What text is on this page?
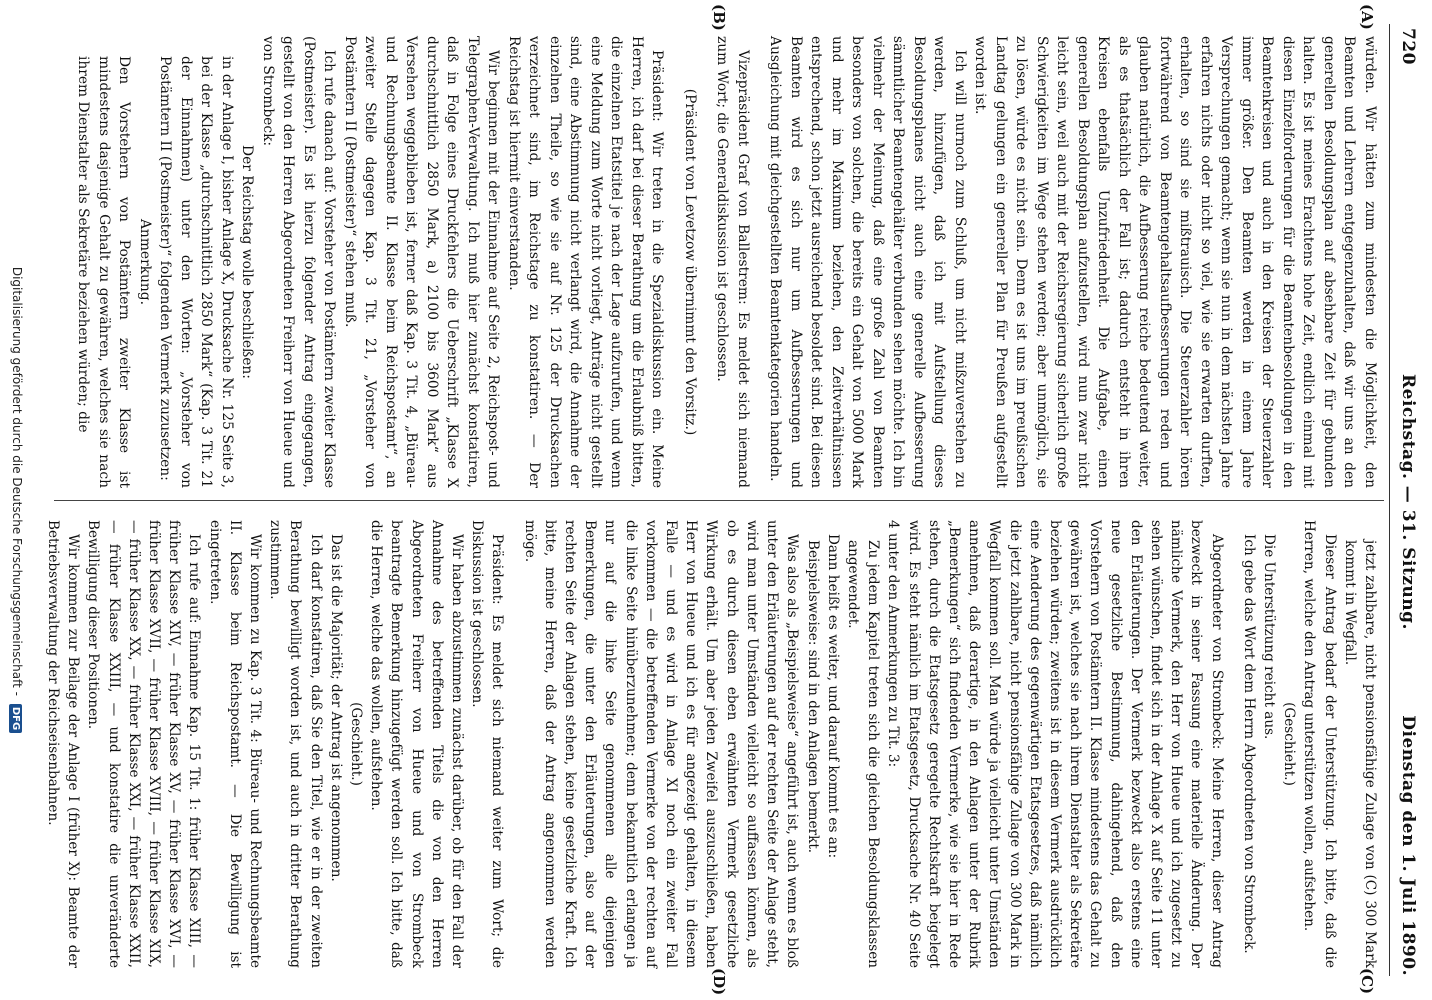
720
Reichstag. — 31. Sitzung.
Dienstag den 1. Juli 1890.
(A)
(B)
(C)
(D)

würden. Wir hätten zum mindesten die Möglichkeit, den Beamten und Lehrern entgegenzuhalten, daß wir uns an den generellen Besoldungsplan auf absehbare Zeit für gebunden halten. Es ist meines Erachtens hohe Zeit, endlich einmal mit diesen Einzelforderungen für die Beamtenbesoldungen in den Beamtenkreisen und auch in den Kreisen der Steuerzahler immer größer. Den Beamten werden in einem Jahre Versprechungen gemacht; wenn sie nun in dem nächsten Jahre erfahren nichts oder nicht so viel, wie sie erwarten durften, erhalten, so sind sie mißtrauisch. Die Steuerzahler hören fortwährend von Beamtengehaltsaufbesserungen reden und glauben natürlich, die Aufbesserung reiche bedeutend weiter, als es thatsächlich der Fall ist; dadurch entsteht in ihren Kreisen ebenfalls Unzufriedenheit. Die Aufgabe, einen generellen Besoldungsplan aufzustellen, wird nun zwar nicht leicht sein, weil auch mit der Reichsregierung sicherlich große Schwierigkeiten im Wege stehen werden; aber unmöglich, sie zu lösen, würde es nicht sein. Denn es ist uns im preußischen Landtag gelungen ein genereller Plan für Preußen aufgestellt worden ist.

Ich will nurnoch zum Schluß, um nicht mißzuverstehen zu werden, hinzufügen, daß ich mit Aufstellung dieses Besoldungsplanes nicht auch eine generelle Aufbesserung sämmtlicher Beamtengehälter verbunden sehen möchte. Ich bin vielmehr der Meinung, daß eine große Zahl von Beamten besonders von solchen, die bereits ein Gehalt von 5000 Mark und mehr im Maximum beziehen, den Zeitverhältnissen entsprechend, schon jetzt ausreichend besoldet sind. Bei diesen Beamten wird es sich nur um Aufbesserungen und Ausgleichung mit gleichgestellten Beamtenkategorien handeln.

Vizepräsident Graf von Ballestrem: Es meldet sich niemand zum Wort; die Generaldiskussion ist geschlossen.

(Präsident von Levetzow übernimmt den Vorsitz.)

Präsident: Wir treten in die Spezialdiskussion ein. Meine Herren, ich darf bei dieser Berathung um die Erlaubniß bitten, die einzelnen Etatstitel je nach der Lage aufzurufen, und wenn eine Meldung zum Worte nicht vorliegt, Anträge nicht gestellt sind, eine Abstimmung nicht verlangt wird, die Annahme der einzelnen Theile, so wie sie auf Nr. 125 der Drucksachen verzeichnet sind, im Reichstage zu konstatiren. — Der Reichstag ist hiermit einverstanden.

Wir beginnen mit der Einnahme auf Seite 2, Reichspost- und Telegraphen-Verwaltung. Ich muß hier zunächst konstatiren, daß in Folge eines Druckfehlers die Ueberschrift „Klasse X durchschnittlich 2850 Mark, a) 2100 bis 3600 Mark“ aus Versehen weggeblieben ist, ferner daß Kap. 3 Tit. 4, „Büreau- und Rechnungsbeamte II. Klasse beim Reichspostamt“, an zweiter Stelle dagegen Kap. 3 Tit. 21, „Vorsteher von Postämtern II (Postmeister)“ stehen muß.

Ich rufe danach auf: Vorsteher von Postämtern zweiter Klasse (Postmeister). Es ist hierzu folgender Antrag eingegangen, gestellt von den Herren Abgeordneten Freiherr von Hueue und von Strombeck:

Der Reichstag wolle beschließen:

in der Anlage I, bisher Anlage X, Drucksache Nr. 125 Seite 3, bei der Klasse „durchschnittlich 2850 Mark“ (Kap. 3 Tit. 21 der Einnahmen) unter den Worten: „Vorsteher von Postämtern II (Postmeister)“ folgenden Vermerk zuzusetzen:

Anmerkung.

Den Vorstehern von Postämtern zweiter Klasse ist mindestens dasjenige Gehalt zu gewähren, welches sie nach ihrem Dienstalter als Sekretäre beziehen würden; die

jetzt zahlbare, nicht pensionsfähige Zulage von (C) 300 Mark kommt in Wegfall.

Dieser Antrag bedarf der Unterstützung. Ich bitte, daß die Herren, welche den Antrag unterstützen wollen, aufstehen.

(Geschieht.)

Die Unterstützung reicht aus.

Ich gebe das Wort dem Herrn Abgeordneten von Strombeck.

Abgeordneter von Strombeck: Meine Herren, dieser Antrag bezweckt in seiner Fassung eine materielle Änderung. Der nämliche Vermerk, den Herr von Hueue und ich zugesetzt zu sehen wünschen, findet sich in der Anlage X auf Seite 11 unter den Erläuterungen. Der Vermerk bezweckt also erstens eine neue gesetzliche Bestimmung, dahingehend, daß den Vorstehern von Postämtern II. Klasse mindestens das Gehalt zu gewähren ist, welches sie nach ihrem Dienstalter als Sekretäre beziehen würden; zweitens ist in diesem Vermerk ausdrücklich eine Aenderung des gegenwärtigen Etatsgesetzes, daß nämlich die jetzt zahlbare, nicht pensionsfähige Zulage von 300 Mark in Wegfall kommen soll. Man würde ja vielleicht unter Umständen annehmen, daß derartige, in den Anlagen unter der Rubrik „Bemerkungen“ sich findenden Vermerke, wie sie hier in Rede stehen, durch die Etatsgesetz geregelte Rechtskraft beigelegt wird. Es steht nämlich im Etatsgesetz, Drucksache Nr. 40 Seite 4 unter den Anmerkungen zu Tit. 3:

Zu jedem Kapitel treten sich die gleichen Besoldungsklassen angewendet.

Dann heißt es weiter, und darauf kommt es an:

Beispielsweise: sind in den Anlagen bemerkt.

Was also als „Beispielsweise“ angeführt ist, auch wenn es bloß unter den Erläuterungen auf der rechten Seite der Anlage steht, wird man unter Umständen vielleicht so auffassen können, als ob es durch diesen eben erwähnten Vermerk gesetzliche Wirkung erhält. Um aber jeden Zweifel auszuschließen, haben Herr von Hueue und ich es für angezeigt gehalten, in diesem Falle — und es wird in Anlage XI noch ein zweiter Fall vorkommen — die betreffenden Vermerke von der rechten auf die linke Seite hinüberzunehmen; denn bekanntlich erlangen ja nur auf die linke Seite genommenen alle diejenigen Bemerkungen, die unter den Erläuterungen, also auf der rechten Seite der Anlagen stehen, keine gesetzliche Kraft. Ich bitte, meine Herren, daß der Antrag angenommen werden möge.

Präsident: Es meldet sich niemand weiter zum Wort; die Diskussion ist geschlossen.

Wir haben abzustimmen zunächst darüber, ob für den Fall der Annahme des betreffenden Titels die von den Herren Abgeordneten Freiherr von Hueue und von Strombeck beantragte Bemerkung hinzugefügt werden soll. Ich bitte, daß die Herren, welche das wollen, aufstehen.

(Geschieht.)

Das ist die Majorität; der Antrag ist angenommen.

Ich darf konstatiren, daß Sie den Titel, wie er in der zweiten Berathung bewilligt worden ist, und auch in dritter Berathung zustimmen.

Wir kommen zu Kap. 3 Tit. 4: Büreau- und Rechnungsbeamte II. Klasse beim Reichspostamt. — Die Bewilligung ist eingetreten.

Ich rufe auf: Einnahme Kap. 15 Tit. 1: früher Klasse XIII, — früher Klasse XIV, — früher Klasse XV, — früher Klasse XVI, — früher Klasse XVII, — früher Klasse XVIII, — früher Klasse XIX, — früher Klasse XX, — früher Klasse XXI, — früher Klasse XXII, — früher Klasse XXIII, — und konstatire die unveränderte Bewilligung dieser Positionen.

Wir kommen zur Beilage der Anlage I (früher X): Beamte der Betriebsverwaltung der Reichseisenbahnen.

Digitalisierung gefördert durch die Deutsche Forschungsgemeinschaft - DFG
